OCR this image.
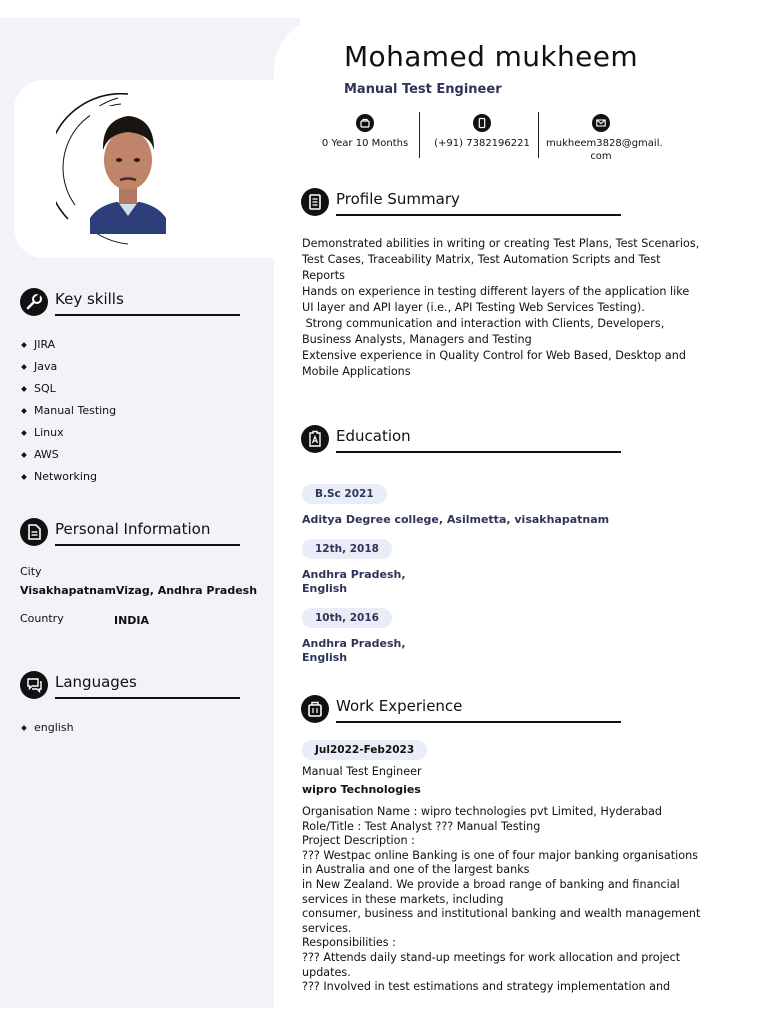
Mohamed mukheem
Manual Test Engineer
0 Year 10 Months	(+91) 7382196221	mukheem3828@gmail.
com
Key skills
JIRA
Java
SQL
Manual Testing
Linux
AWS
Networking
Personal Information
City
VisakhapatnamVizag, Andhra Pradesh
Country	INDIA
Languages
english
Profile Summary

Demonstrated abilities in writing or creating Test Plans, Test Scenarios, Test Cases, Traceability Matrix, Test Automation Scripts and Test Reports

Hands on experience in testing different layers of the application like UI layer and API layer (i.e., API Testing Web Services Testing).

Strong communication and interaction with Clients, Developers, Business Analysts, Managers and Testing

Extensive experience in Quality Control for Web Based, Desktop and Mobile Applications

Education
B.Sc 2021
Aditya Degree college, Asilmetta, visakhapatnam
12th, 2018
Andhra Pradesh,
English
10th, 2016
Andhra Pradesh,
English
Work Experience
Jul2022-Feb2023
Manual Test Engineer
wipro Technologies
Organisation Name : wipro technologies pvt Limited, Hyderabad
Role/Title : Test Analyst ??? Manual Testing
Project Description :
??? Westpac online Banking is one of four major banking organisations in Australia and one of the largest banks
in New Zealand. We provide a broad range of banking and financial services in these markets, including
consumer, business and institutional banking and wealth management services.
Responsibilities :
??? Attends daily stand-up meetings for work allocation and project updates.
??? Involved in test estimations and strategy implementation and
